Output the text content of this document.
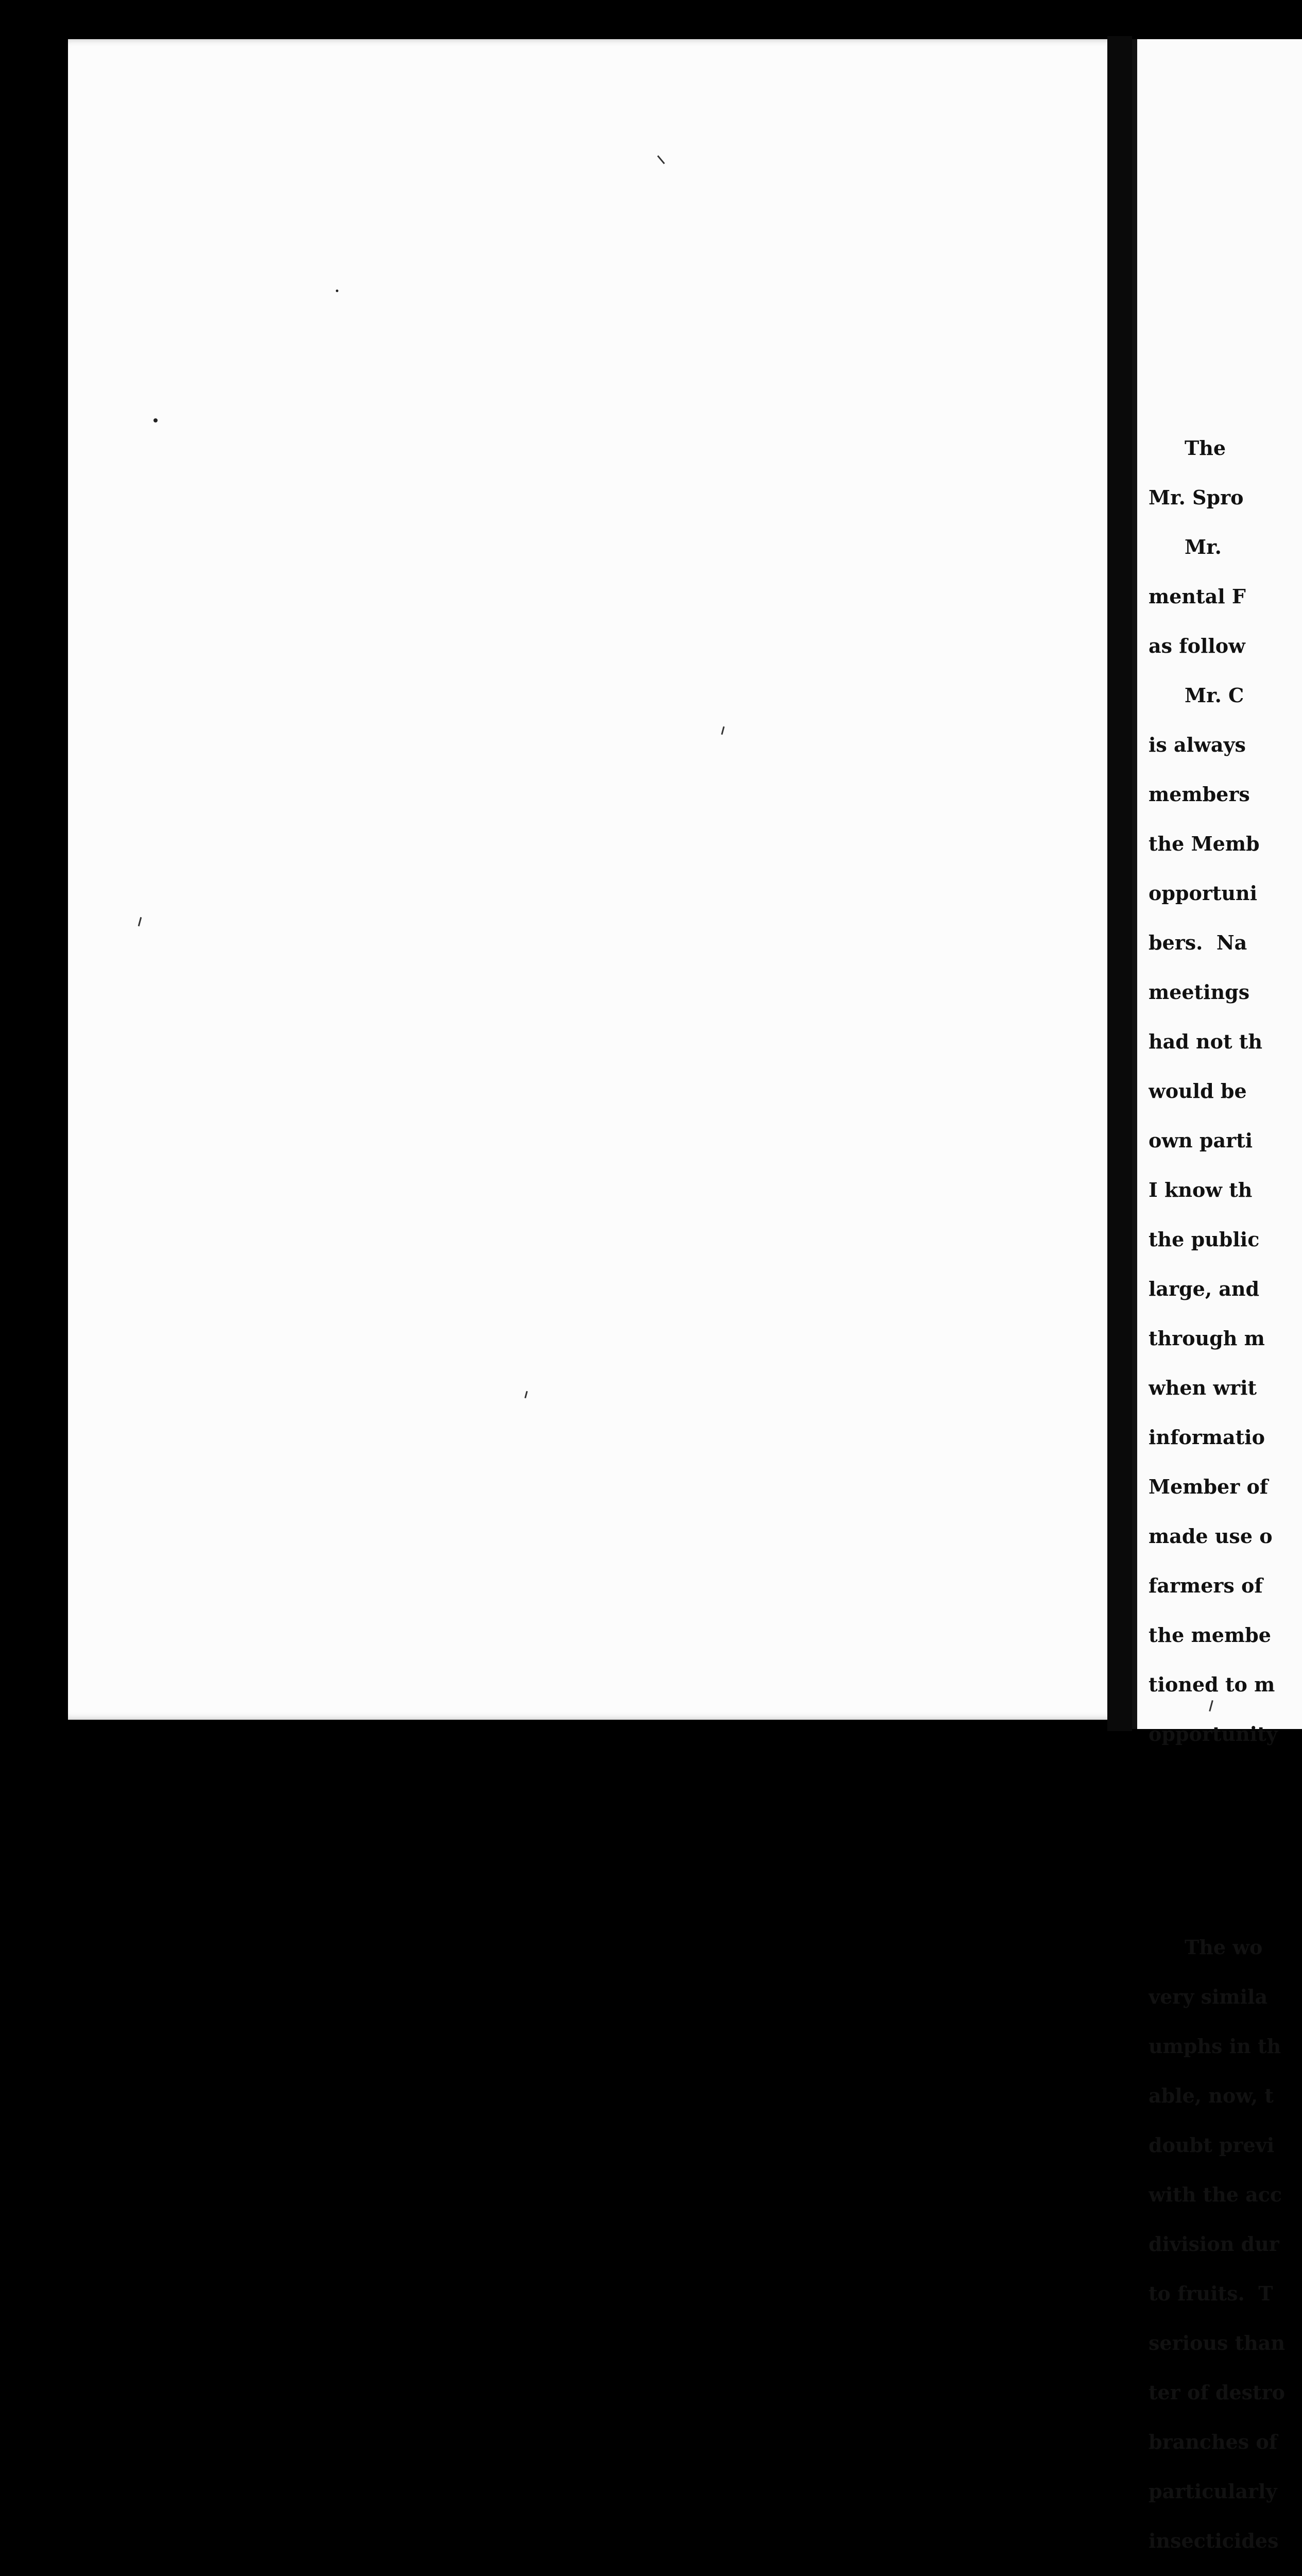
The

Mr. Spro

Mr.

mental F

as follow

Mr. C

is always

members

the Memb

opportuni

bers.  Na

meetings

had not th

would be

own parti

I know th

the public

large, and

through m

when writ

informatio

Member of

made use o

farmers of

the membe

tioned to m

opportunity

The wo

very simila

umphs in th

able, now, t

doubt previ

with the acc

division dur

to fruits.  T

serious than

ter of destro

branches of

particularly

insecticides
